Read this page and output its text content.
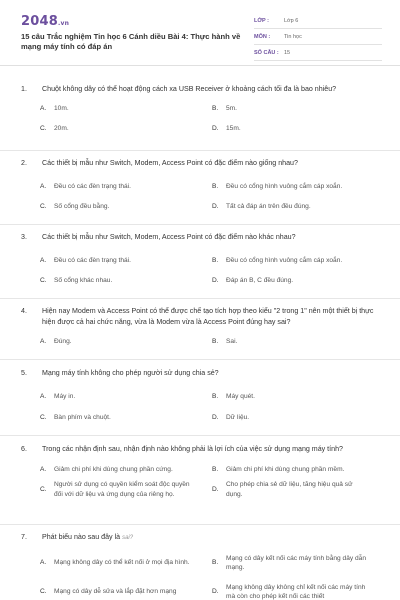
2048.vn
15 câu Trắc nghiệm Tin học 6 Cánh diều Bài 4: Thực hành về mạng máy tính có đáp án
LỚP :	Lớp 6
MÔN :	Tin học
SỐ CÂU : 15
1. Chuột không dây có thể hoạt động cách xa USB Receiver ở khoảng cách tối đa là bao nhiêu?
A.	10m.	B.	5m.
C.	20m.	D.	15m.
2. Các thiết bị mẫu như Switch, Modem, Access Point có đặc điểm nào giống nhau?
A.	Đều có các đèn trạng thái.	B.	Đều có cổng hình vuông cắm cáp xoắn.
C.	Số cổng đều bằng.	D.	Tất cả đáp án trên đều đúng.
3. Các thiết bị mẫu như Switch, Modem, Access Point có đặc điểm nào khác nhau?
A.	Đều có các đèn trạng thái.	B.	Đều có cổng hình vuông cắm cáp xoắn.
C.	Số cổng khác nhau.	D.	Đáp án B, C đều đúng.
4. Hiện nay Modem và Access Point có thể được chế tạo tích hợp theo kiểu "2 trong 1" nên một thiết bị thực hiện được cả hai chức năng, vừa là Modem vừa là Access Point đúng hay sai?
A.	Đúng.	B.	Sai.
5. Mạng máy tính không cho phép người sử dụng chia sẻ?
A.	Máy in.	B.	Máy quét.
C.	Bàn phím và chuột.	D.	Dữ liệu.
6. Trong các nhận định sau, nhận định nào không phải là lợi ích của việc sử dụng mạng máy tính?
A.	Giảm chi phí khi dùng chung phần cứng.	B.	Giảm chi phí khi dùng chung phần mềm.
C.
Người sử dụng có quyền kiểm soát độc quyền đối với dữ liệu và ứng dụng của riêng họ.
D.
Cho phép chia sẻ dữ liệu, tăng hiệu quả sử dụng.
7. Phát biểu nào sau đây là sai?
A.	Mạng không dây có thể kết nối ở mọi địa hình.	B.
Mạng có dây kết nối các máy tính bằng dây dẫn mạng.
C.	Mạng có dây dễ sửa và lắp đặt hơn mạng	D.
Mạng không dây không chỉ kết nối các máy tính mà còn cho phép kết nối các thiết
